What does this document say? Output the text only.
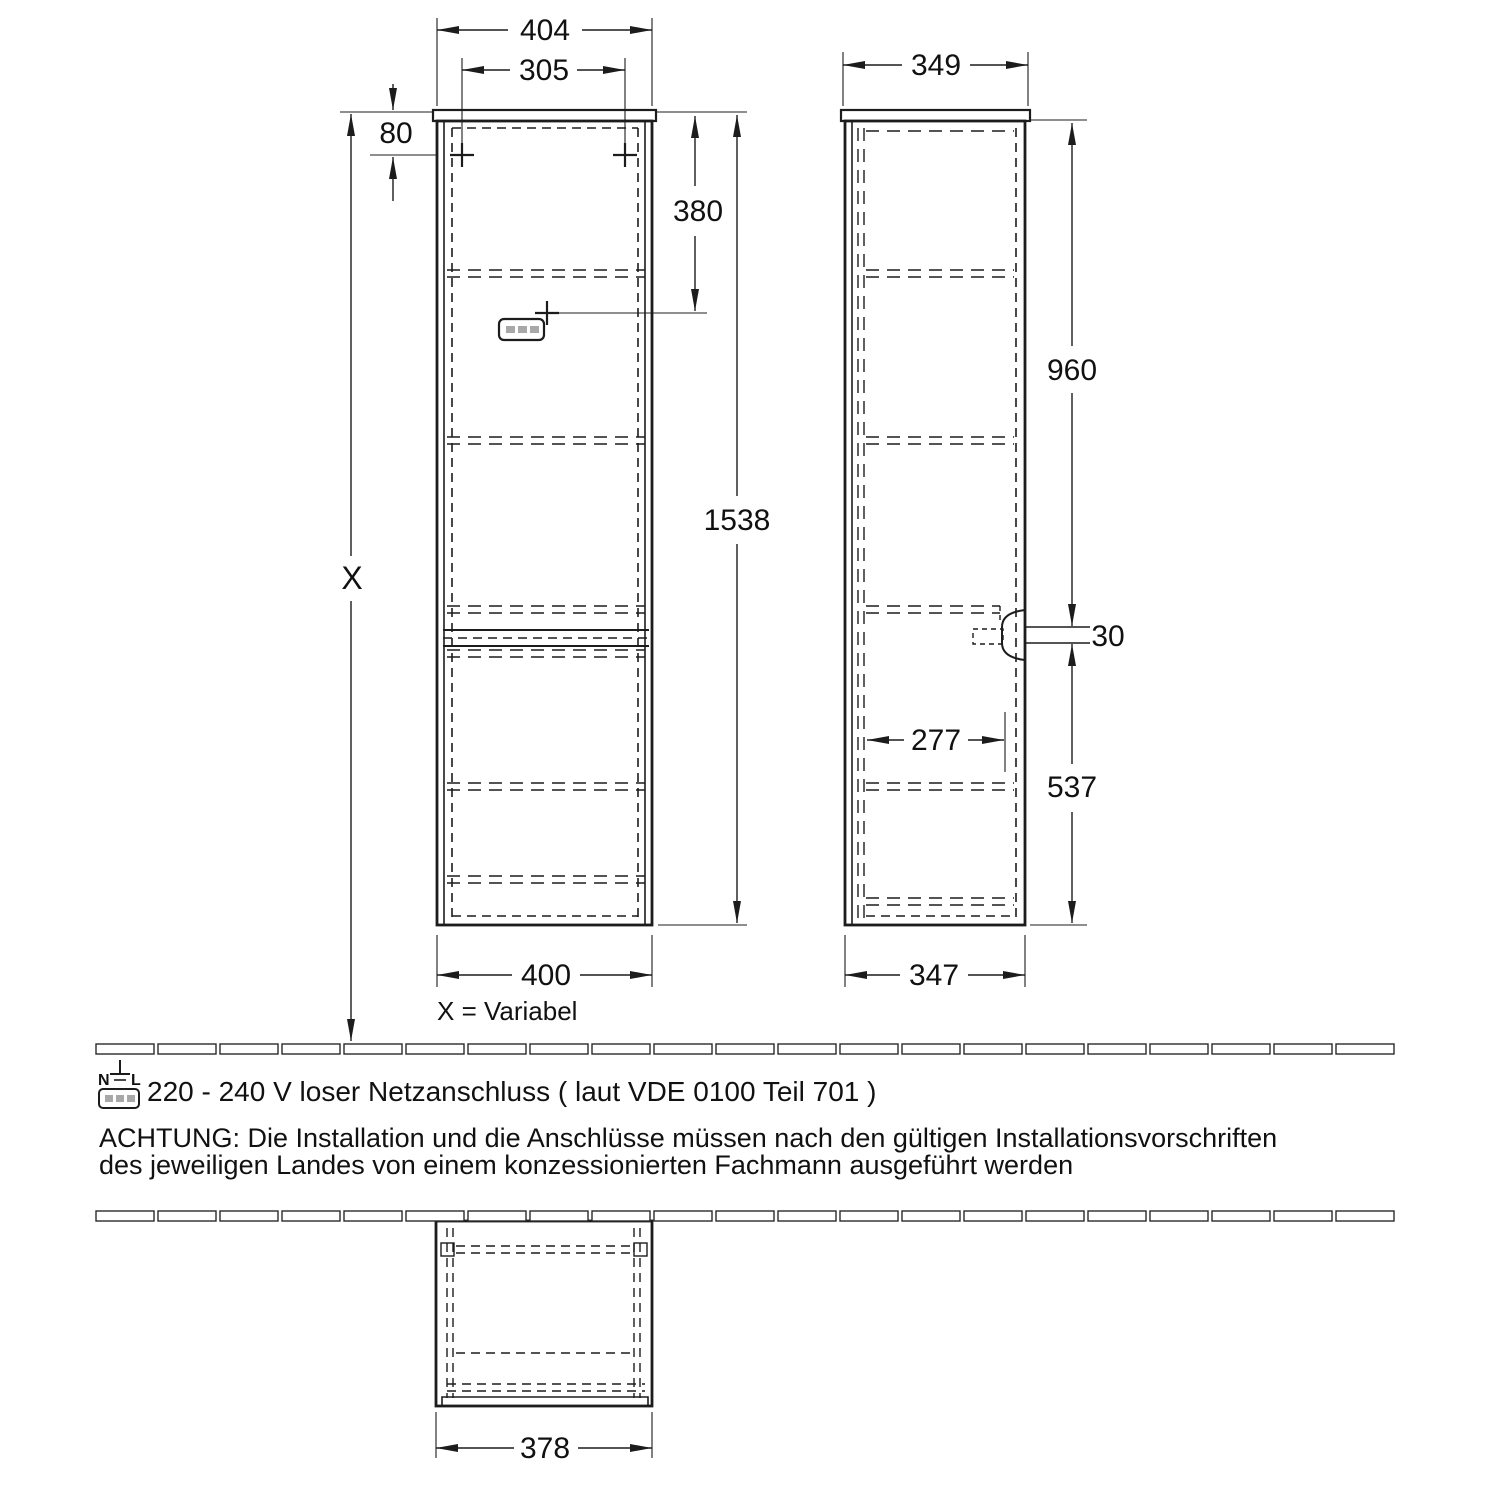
404
305
80
380
1538
X
400
349
960
30
277
537
347
378
X = Variabel
N L 220 - 240 V loser Netzanschluss ( laut VDE 0100 Teil 701 )
ACHTUNG: Die Installation und die Anschlüsse müssen nach den gültigen Installationsvorschriften
des jeweiligen Landes von einem konzessionierten Fachmann ausgeführt werden
